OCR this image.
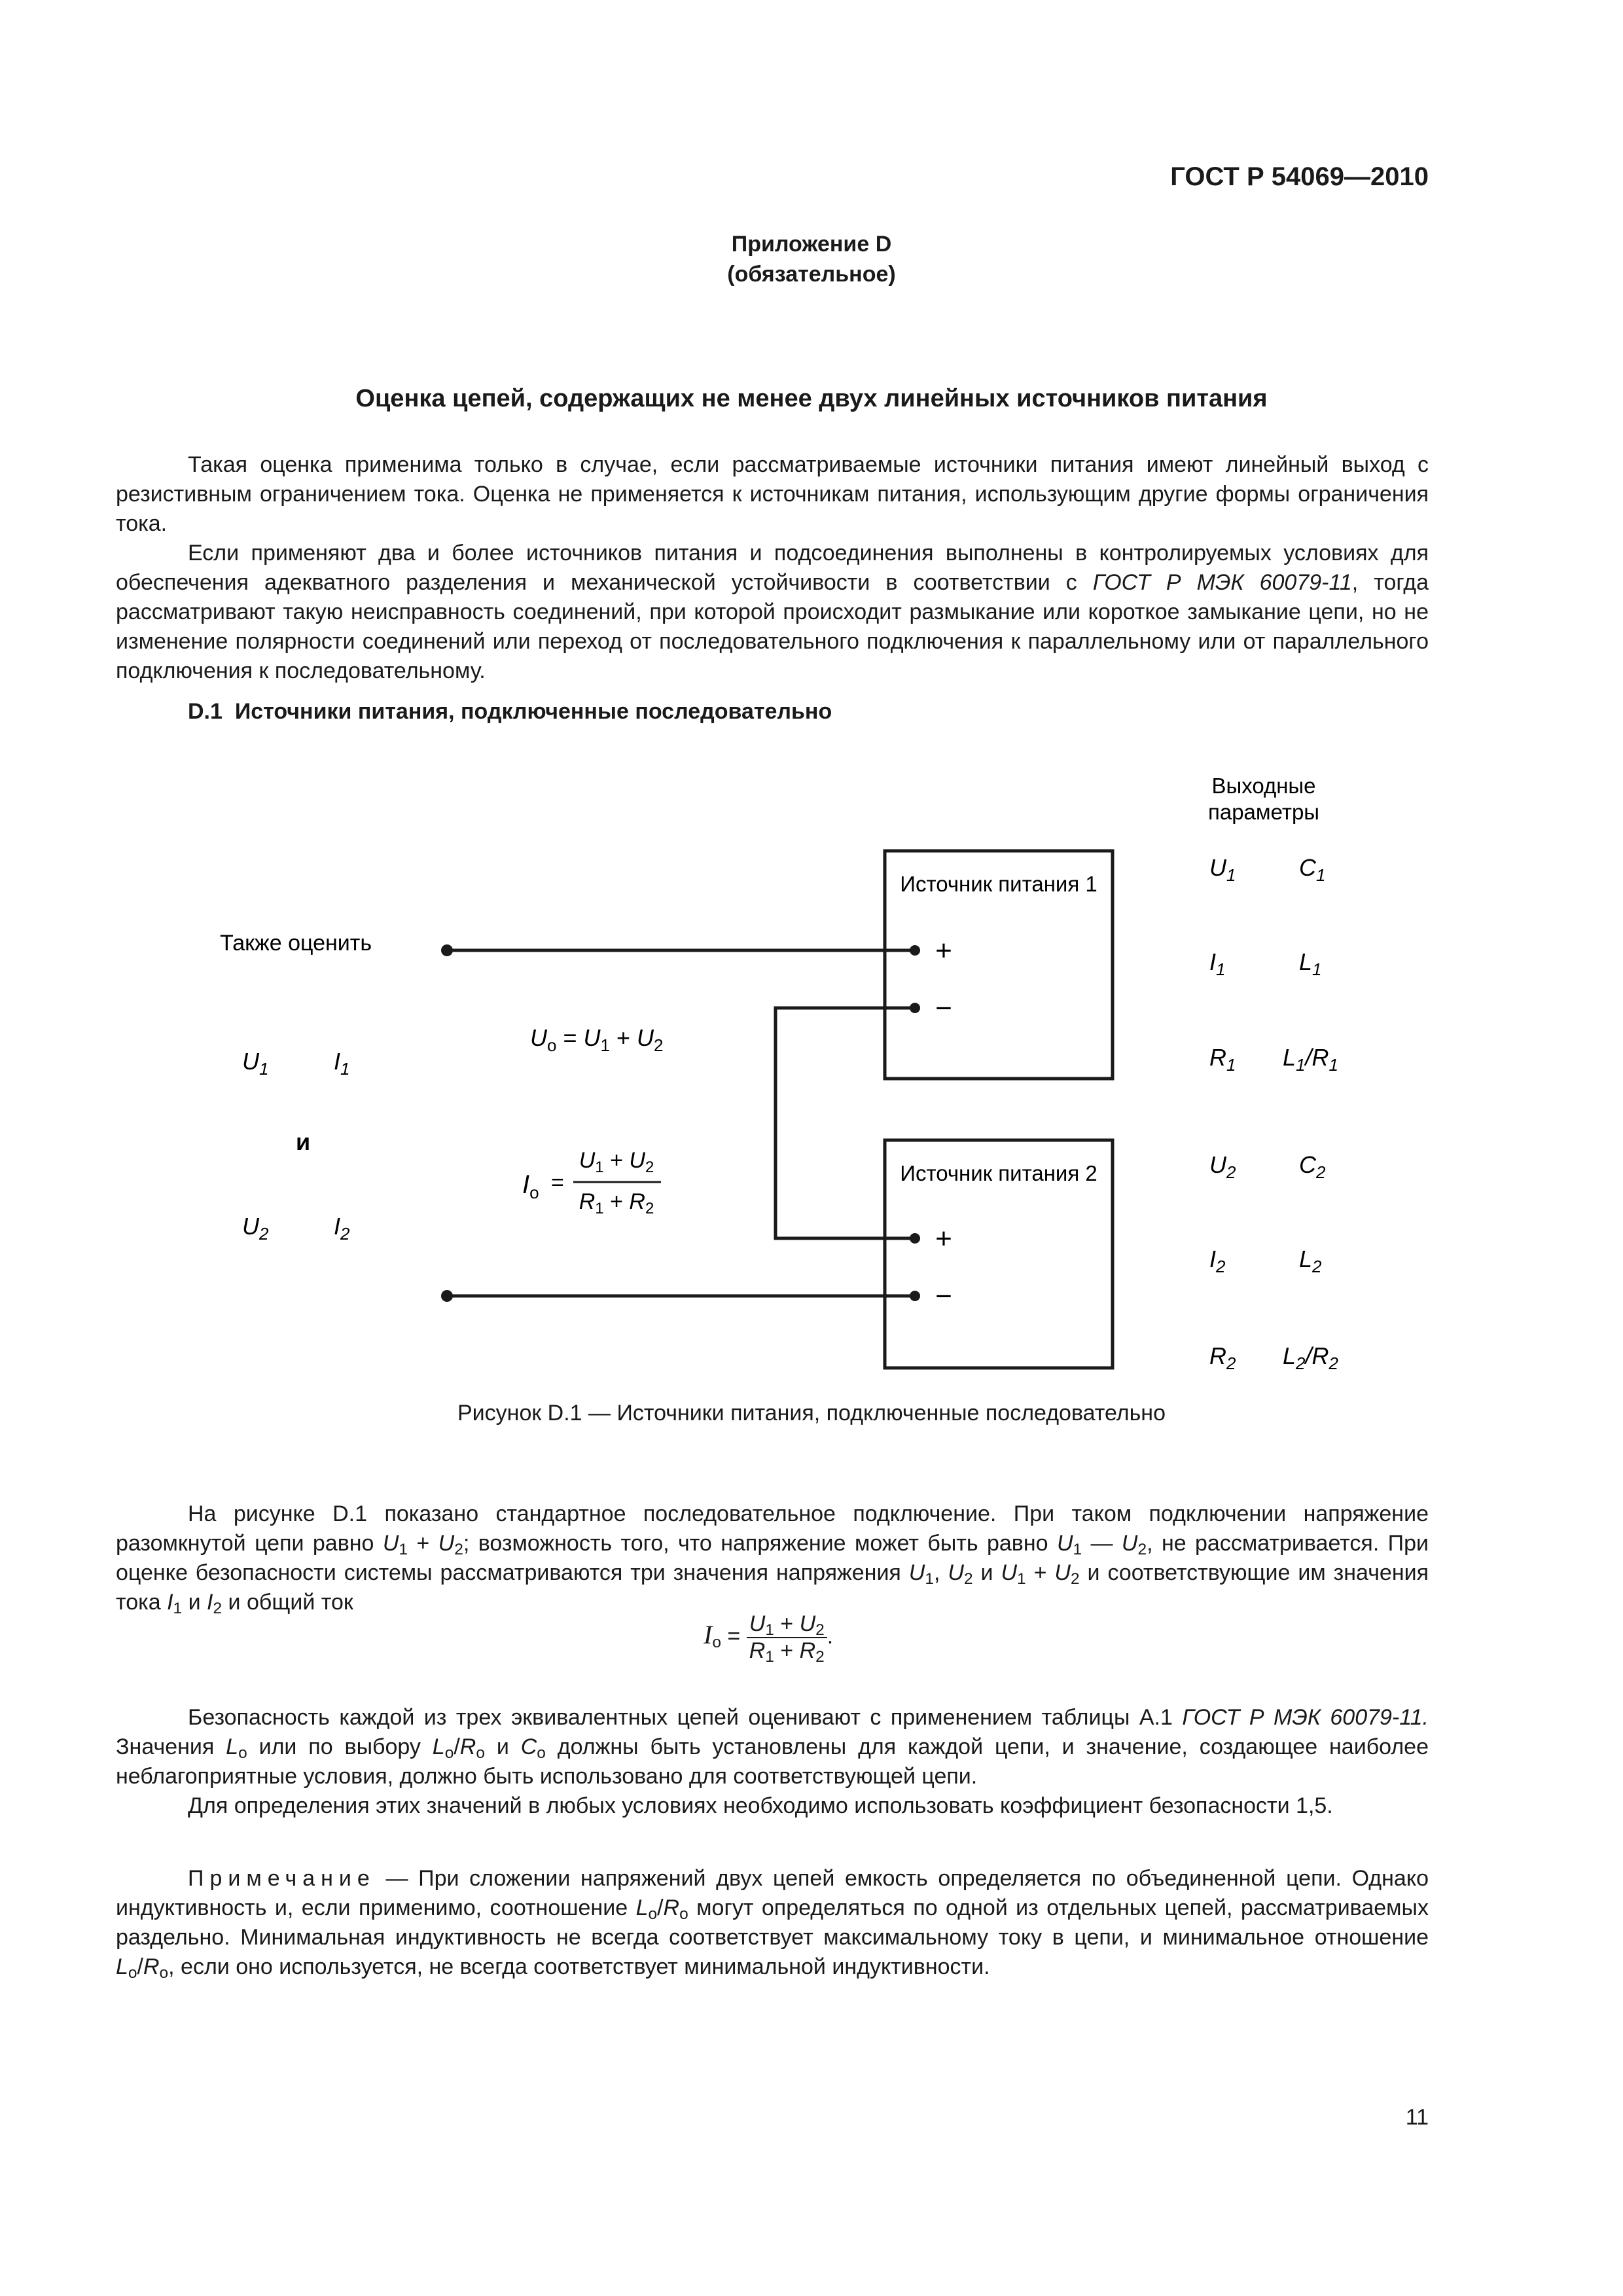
ГОСТ Р 54069—2010
Приложение D
(обязательное)
Оценка цепей, содержащих не менее двух линейных источников питания

Такая оценка применима только в случае, если рассматриваемые источники питания имеют линейный выход с резистивным ограничением тока. Оценка не применяется к источникам питания, использующим другие формы ограничения тока.

Если применяют два и более источников питания и подсоединения выполнены в контролируемых условиях для обеспечения адекватного разделения и механической устойчивости в соответствии с ГОСТ Р МЭК 60079-11, тогда рассматривают такую неисправность соединений, при которой происходит размыкание или короткое замыкание цепи, но не изменение полярности соединений или переход от последовательного подключения к параллельному или от параллельного подключения к последовательному.

D.1 Источники питания, подключенные последовательно
Выходные параметры
Источник питания 1
Источник питания 2
+
−
+
−
Также оценить
$U_1$	$I_1$
$U_2$	$I_2$
и
$U_o = U_1 + U_2$
$I_o$ =
$U_1 + U_2$
$R_1 + R_2$
$U_1$	$C_1$
$I_1$	$L_1$
$R_1$ $L_1/R_1$
$U_2$	$C_2$
$I_2$	$L_2$
$R_2$ $L_2/R_2$
Рисунок D.1 — Источники питания, подключенные последовательно

На рисунке D.1 показано стандартное последовательное подключение. При таком подключении напряжение разомкнутой цепи равно $U_1 + U_2$; возможность того, что напряжение может быть равно $U_1$ — $U_2$, не рассматривается. При оценке безопасности системы рассматриваются три значения напряжения $U_1$, $U_2$ и $U_1 + U_2$ и соответствующие им значения тока $I_1$ и $I_2$ и общий ток

$I_o = \frac{U_1 + U_2}{R_1 + R_2}$ .

Безопасность каждой из трех эквивалентных цепей оценивают с применением таблицы А.1 ГОСТ Р МЭК 60079-11. Значения $L_o$ или по выбору $L_o/R_o$ и $C_o$ должны быть установлены для каждой цепи, и значение, создающее наиболее неблагоприятные условия, должно быть использовано для соответствующей цепи.

Для определения этих значений в любых условиях необходимо использовать коэффициент безопасности 1,5.

Примечание — При сложении напряжений двух цепей емкость определяется по объединенной цепи. Однако индуктивность и, если применимо, соотношение $L_o/R_o$ могут определяться по одной из отдельных цепей, рассматриваемых раздельно. Минимальная индуктивность не всегда соответствует максимальному току в цепи, и минимальное отношение $L_o/R_o$, если оно используется, не всегда соответствует минимальной индуктивности.

11
